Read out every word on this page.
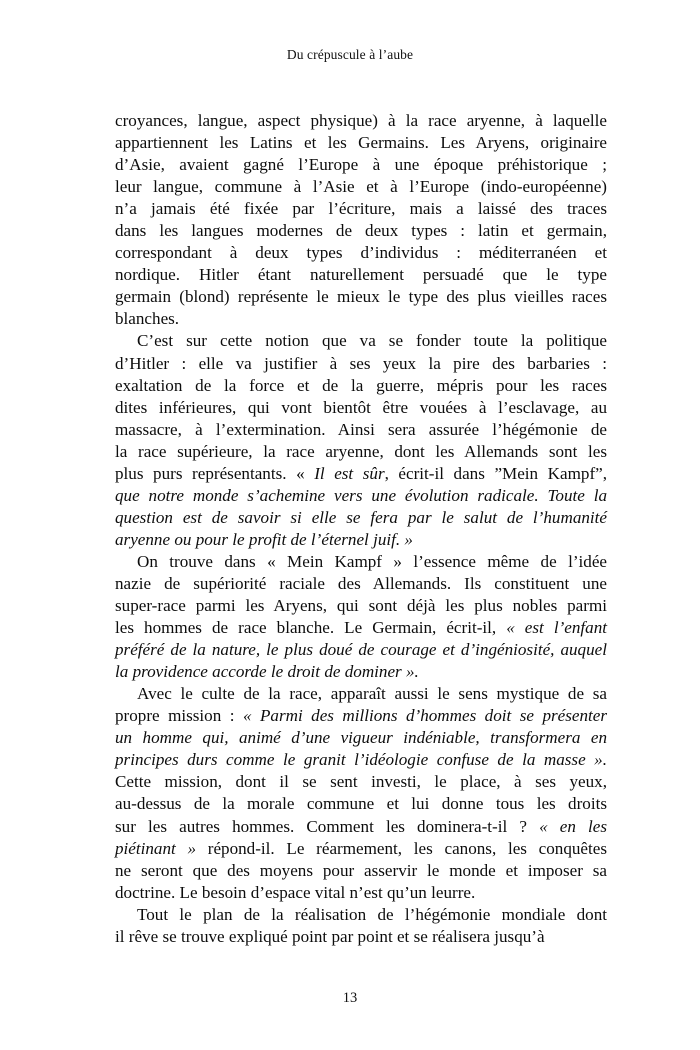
Du crépuscule à l’aube

croyances, langue, aspect physique) à la race aryenne, à laquelle
appartiennent les Latins et les Germains. Les Aryens, originaire
d’Asie, avaient gagné l’Europe à une époque préhistorique ;
leur langue, commune à l’Asie et à l’Europe (indo-européenne)
n’a jamais été fixée par l’écriture, mais a laissé des traces
dans les langues modernes de deux types : latin et germain,
correspondant à deux types d’individus : méditerranéen et
nordique. Hitler étant naturellement persuadé que le type
germain (blond) représente le mieux le type des plus vieilles races
blanches.

C’est sur cette notion que va se fonder toute la politique
d’Hitler : elle va justifier à ses yeux la pire des barbaries :
exaltation de la force et de la guerre, mépris pour les races
dites inférieures, qui vont bientôt être vouées à l’esclavage, au
massacre, à l’extermination. Ainsi sera assurée l’hégémonie de
la race supérieure, la race aryenne, dont les Allemands sont les
plus purs représentants. « Il est sûr, écrit-il dans ”Mein Kampf”,
que notre monde s’achemine vers une évolution radicale. Toute la
question est de savoir si elle se fera par le salut de l’humanité
aryenne ou pour le profit de l’éternel juif. »

On trouve dans « Mein Kampf » l’essence même de l’idée
nazie de supériorité raciale des Allemands. Ils constituent une
super-race parmi les Aryens, qui sont déjà les plus nobles parmi
les hommes de race blanche. Le Germain, écrit-il, « est l’enfant
préféré de la nature, le plus doué de courage et d’ingéniosité, auquel
la providence accorde le droit de dominer ».

Avec le culte de la race, apparaît aussi le sens mystique de sa
propre mission : « Parmi des millions d’hommes doit se présenter
un homme qui, animé d’une vigueur indéniable, transformera en
principes durs comme le granit l’idéologie confuse de la masse ».
Cette mission, dont il se sent investi, le place, à ses yeux,
au-dessus de la morale commune et lui donne tous les droits
sur les autres hommes. Comment les dominera-t-il ? « en les
piétinant » répond-il. Le réarmement, les canons, les conquêtes
ne seront que des moyens pour asservir le monde et imposer sa
doctrine. Le besoin d’espace vital n’est qu’un leurre.

Tout le plan de la réalisation de l’hégémonie mondiale dont
il rêve se trouve expliqué point par point et se réalisera jusqu’à

13
